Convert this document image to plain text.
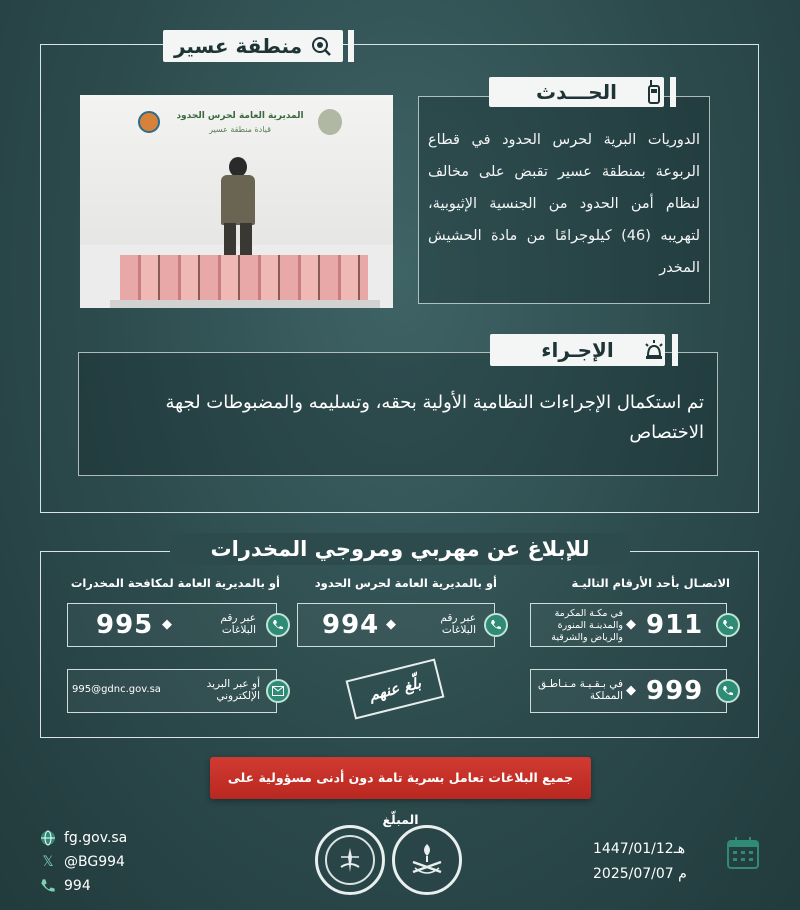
منطقة عسير
المديرية العامة لحرس الحدود
قيادة منطقة عسير
الحـــدث
الدوريات البرية لحرس الحدود في قطاع الربوعة بمنطقة عسير تقبض على مخالف لنظام أمن الحدود من الجنسية الإثيوبية، لتهريبه (46) كيلوجرامًا من مادة الحشيش المخدر
الإجـراء
تم استكمال الإجراءات النظامية الأولية بحقه، وتسليمه والمضبوطات لجهة الاختصاص
للإبلاغ عن مهربي ومروجي المخدرات
الاتصـال بأحد الأرقام التاليـة
أو بالمديرية العامة لحرس الحدود
أو بالمديرية العامة لمكافحة المخدرات
911
◆
في مكـة المكرمة والمدينـة المنورة والرياض والشرقية
999
◆
في بـقـيـة مـنـاطـق المملكة
عبر رقم البلاغات
◆
994
عبر رقم البلاغات
◆
995
أو عبر البريد الإلكتروني
995@gdnc.gov.sa	بلّغ عنهم
جميع البلاغات تعامل بسرية تامة دون أدنى مسؤولية على المبلّغ
fg.gov.sa
𝕏 @BG994
994
1447/01/12هـ
2025/07/07 م
